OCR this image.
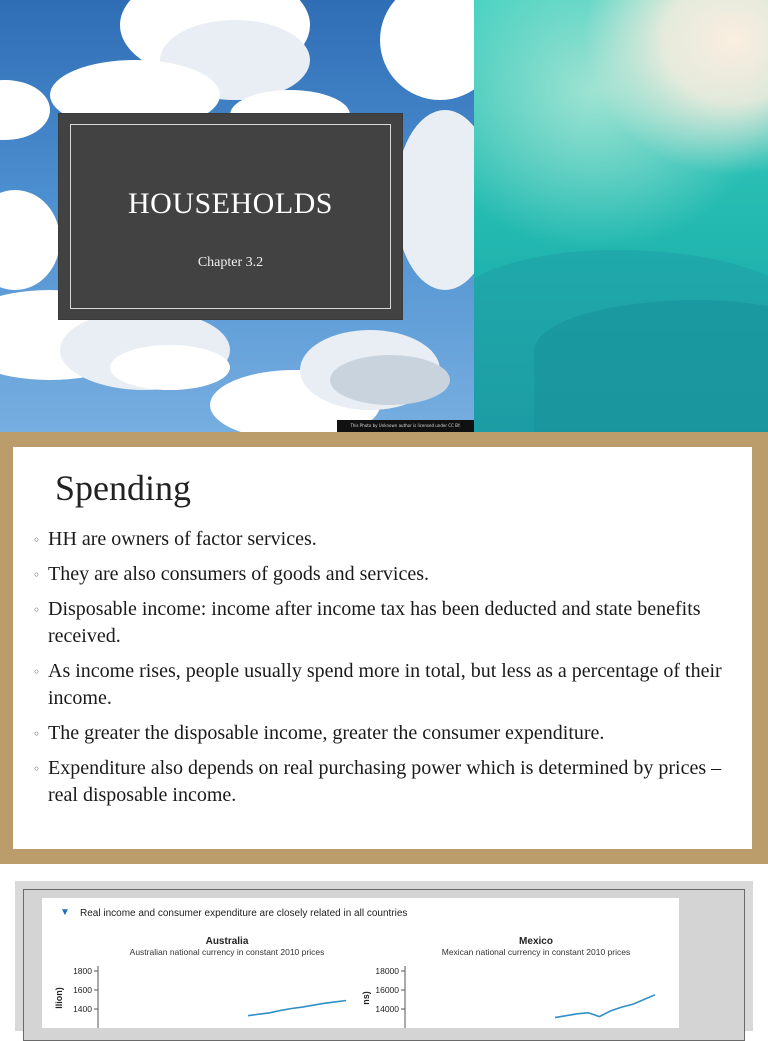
HOUSEHOLDS
Chapter 3.2
This Photo by Unknown author is licensed under CC BY.
Spending
◦ HH are owners of factor services.
◦ They are also consumers of goods and services.
◦ Disposable income: income after income tax has been deducted and state benefits received.
◦ As income rises, people usually spend more in total, but less as a percentage of their income.
◦ The greater the disposable income, greater the consumer expenditure.
◦ Expenditure also depends on real purchasing power which is determined by prices – real disposable income.
▼ Real income and consumer expenditure are closely related in all countries
Australia
Australian national currency in constant 2010 prices
1800
1600
1400
llion)
Mexico
Mexican national currency in constant 2010 prices
18000
16000
14000
ns)
